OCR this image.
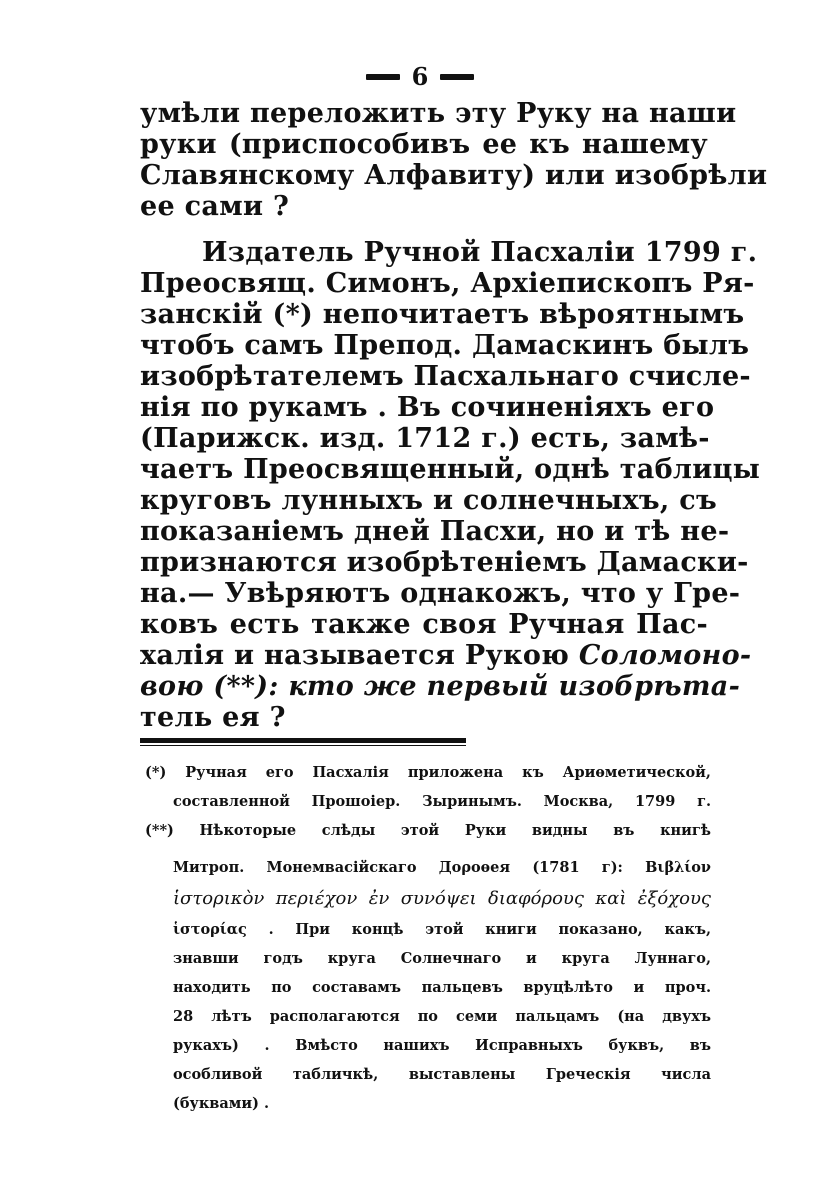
6
умѣли переложить эту Руку на наши
руки (приспособивъ ее къ нашему
Славянскому Алфавиту) или изобрѣли
ее сами ?
Издатель Ручной Пасхаліи 1799 г.
Преосвящ. Симонъ, Архіепископъ Ря-
занскій (*) непочитаетъ вѣроятнымъ
чтобъ самъ Препод. Дамаскинъ былъ
изобрѣтателемъ Пасхальнаго счисле-
нія по рукамъ . Въ сочиненіяхъ его
(Парижск. изд. 1712 г.) есть, замѣ-
чаетъ Преосвященный, однѣ таблицы
круговъ лунныхъ и солнечныхъ, съ
показаніемъ дней Пасхи, но и тѣ не-
признаются изобрѣтеніемъ Дамаски-
на.— Увѣряютъ однакожъ, что у Гре-
ковъ есть также своя Ручная Пас-
халія и называется Рукою Соломоно-
вою (**): кто же первый изобрѣта-
тель ея ?
(*) Ручная его Пасхалія приложена къ Ариѳметической,
составленной Прошоіер. Зыринымъ. Москва, 1799 г.
(**) Нѣкоторые слѣды этой Руки видны въ книгѣ
Митроп. Монемвасійскаго Доροѳея (1781 г): Βιβλίον
ἱστορικὸν περιέχον ἐν συνόψει διαφόρους καὶ ἐξόχους
ἱστορίας . При концѣ этой книги показано, какъ,
знавши годъ круга Солнечнаго и круга Луннаго,
находить по составамъ пальцевъ вруцѣлѣто и проч.
28 лѣтъ располагаются по семи пальцамъ (на двухъ
рукахъ) . Вмѣсто нашихъ Исправныхъ буквъ, въ
особливой табличкѣ, выставлены Греческія числа
(буквами) .
